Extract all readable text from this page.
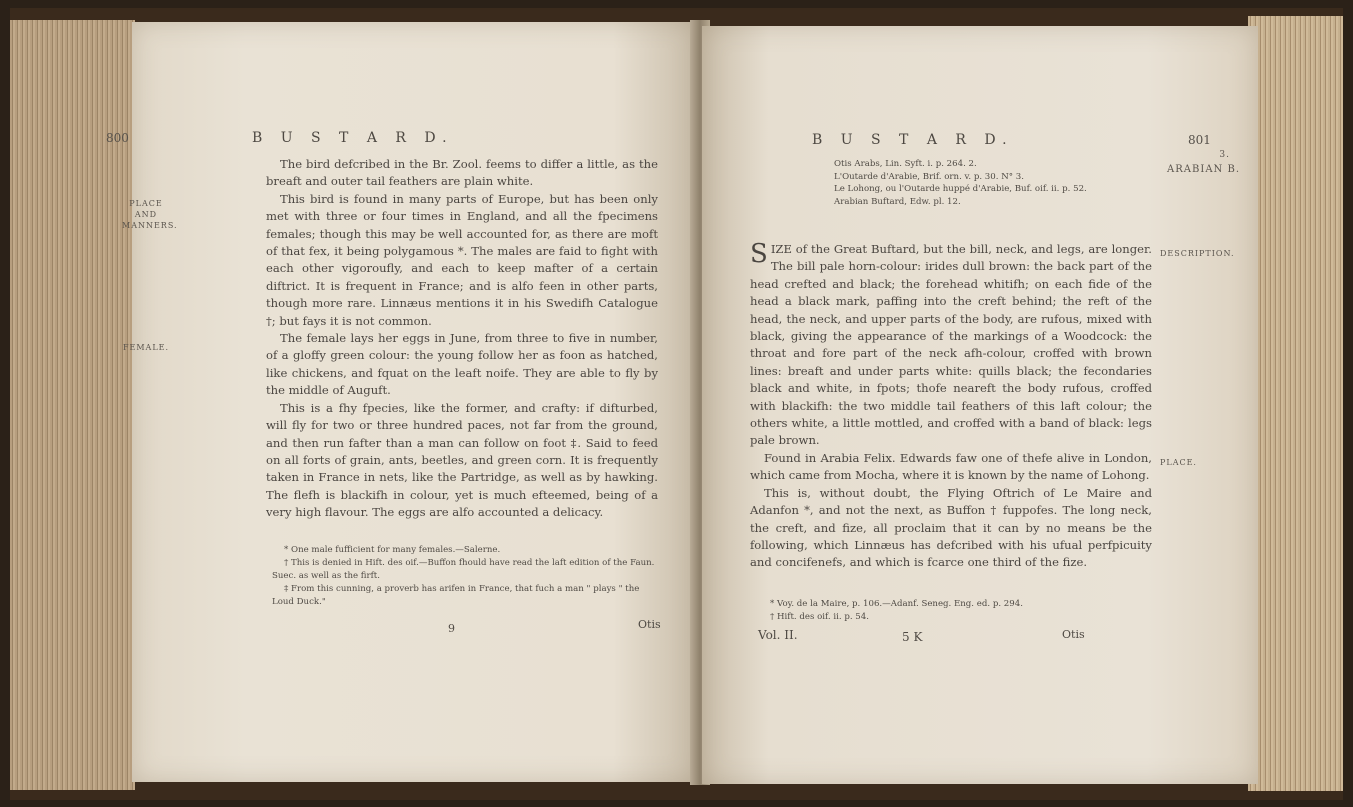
800	B U S T A R D.
PLACE AND MANNERS.
FEMALE.

The bird defcribed in the Br. Zool. feems to differ a little, as the breaft and outer tail feathers are plain white.

This bird is found in many parts of Europe, but has been only met with three or four times in England, and all the fpecimens females; though this may be well accounted for, as there are moft of that fex, it being polygamous *. The males are faid to fight with each other vigoroufly, and each to keep mafter of a certain diftrict. It is frequent in France; and is alfo feen in other parts, though more rare. Linnæus mentions it in his Swedifh Catalogue †; but fays it is not common.

The female lays her eggs in June, from three to five in number, of a gloffy green colour: the young follow her as foon as hatched, like chickens, and fquat on the leaft noife. They are able to fly by the middle of Auguft.

This is a fhy fpecies, like the former, and crafty: if difturbed, will fly for two or three hundred paces, not far from the ground, and then run fafter than a man can follow on foot ‡. Said to feed on all forts of grain, ants, beetles, and green corn. It is frequently taken in France in nets, like the Partridge, as well as by hawking. The flefh is blackifh in colour, yet is much efteemed, being of a very high flavour. The eggs are alfo accounted a delicacy.

* One male fufficient for many females.—Salerne.

† This is denied in Hift. des oif.—Buffon fhould have read the laft edition of the Faun. Suec. as well as the firft.

‡ From this cunning, a proverb has arifen in France, that fuch a man " plays " the Loud Duck."

9	Otis
B U S T A R D.	801
Otis Arabs, Lin. Syft. i. p. 264. 2.
L'Outarde d'Arabie, Brif. orn. v. p. 30. N° 3.
Le Lohong, ou l'Outarde huppé d'Arabie, Buf. oif. ii. p. 52.
Arabian Buftard, Edw. pl. 12.
3.
ARABIAN B.
DESCRIPTION.
PLACE.

SIZE of the Great Buftard, but the bill, neck, and legs, are longer. The bill pale horn-colour: irides dull brown: the back part of the head crefted and black; the forehead whitifh; on each fide of the head a black mark, paffing into the creft behind; the reft of the head, the neck, and upper parts of the body, are rufous, mixed with black, giving the appearance of the markings of a Woodcock: the throat and fore part of the neck afh-colour, croffed with brown lines: breaft and under parts white: quills black; the fecondaries black and white, in fpots; thofe neareft the body rufous, croffed with blackifh: the two middle tail feathers of this laft colour; the others white, a little mottled, and croffed with a band of black: legs pale brown.

Found in Arabia Felix. Edwards faw one of thefe alive in London, which came from Mocha, where it is known by the name of Lohong.

This is, without doubt, the Flying Oftrich of Le Maire and Adanfon *, and not the next, as Buffon † fuppofes. The long neck, the creft, and fize, all proclaim that it can by no means be the following, which Linnæus has defcribed with his ufual perfpicuity and concifenefs, and which is fcarce one third of the fize.

* Voy. de la Maire, p. 106.—Adanf. Seneg. Eng. ed. p. 294.

† Hift. des oif. ii. p. 54.

Vol. II.	5 K	Otis
